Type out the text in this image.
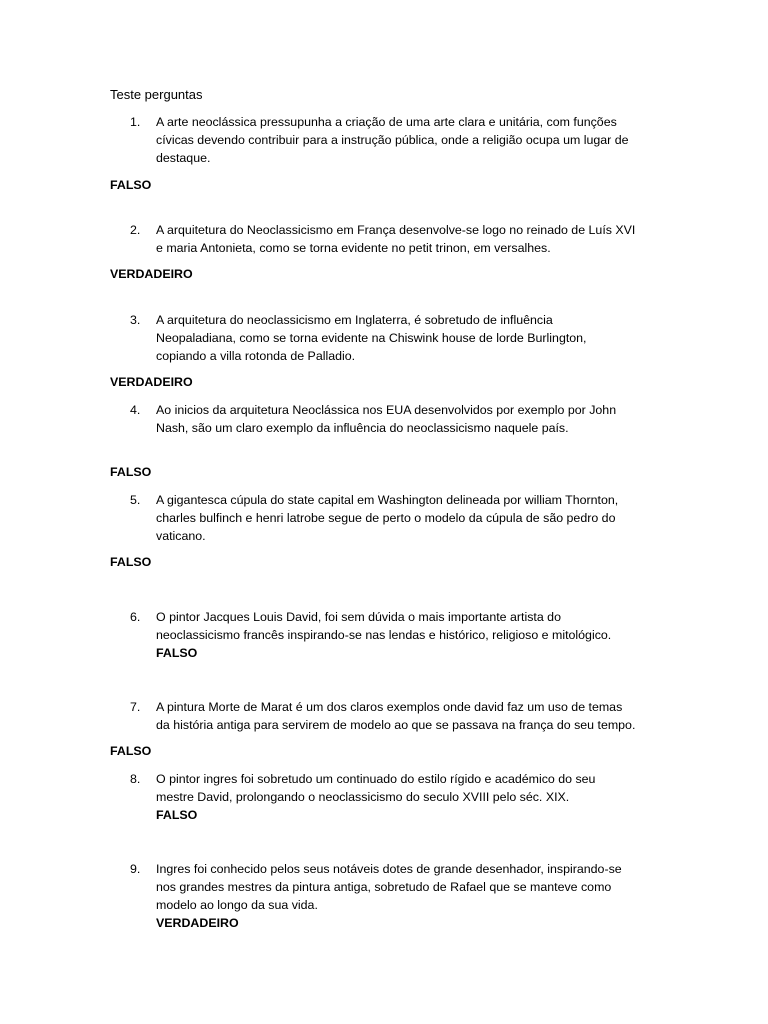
Teste perguntas
1.	A arte neoclássica pressupunha a criação de uma arte clara e unitária, com funções
cívicas devendo contribuir para a instrução pública, onde a religião ocupa um lugar de
destaque.
FALSO
2.	A arquitetura do Neoclassicismo em França desenvolve-se logo no reinado de Luís XVI
e maria Antonieta, como se torna evidente no petit trinon, em versalhes.
VERDADEIRO
3.	A arquitetura do neoclassicismo em Inglaterra, é sobretudo de influência
Neopaladiana, como se torna evidente na Chiswink house de lorde Burlington,
copiando a villa rotonda de Palladio.
VERDADEIRO
4.	Ao inicios da arquitetura Neoclássica nos EUA desenvolvidos por exemplo por John
Nash, são um claro exemplo da influência do neoclassicismo naquele país.
FALSO
5.	A gigantesca cúpula do state capital em Washington delineada por william Thornton,
charles bulfinch e henri latrobe segue de perto o modelo da cúpula de são pedro do
vaticano.
FALSO
6.	O pintor Jacques Louis David, foi sem dúvida o mais importante artista do
neoclassicismo francês inspirando-se nas lendas e histórico, religioso e mitológico.
FALSO
7.	A pintura Morte de Marat é um dos claros exemplos onde david faz um uso de temas
da história antiga para servirem de modelo ao que se passava na frança do seu tempo.
FALSO
8.	O pintor ingres foi sobretudo um continuado do estilo rígido e académico do seu
mestre David, prolongando o neoclassicismo do seculo XVIII pelo séc. XIX.
FALSO
9.	Ingres foi conhecido pelos seus notáveis dotes de grande desenhador, inspirando-se
nos grandes mestres da pintura antiga, sobretudo de Rafael que se manteve como
modelo ao longo da sua vida.
VERDADEIRO
